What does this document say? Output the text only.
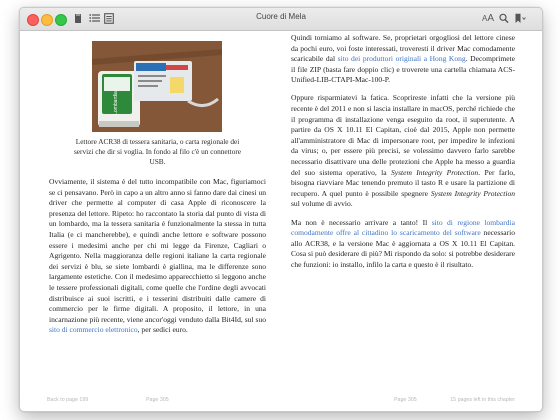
Cuore di Mela	AA
Lombardia
Lettore ACR38 di tessera sanitaria, o carta regionale dei servizi che dir si voglia. In fondo al filo c'è un connettore USB.

Ovviamente, il sistema è del tutto incompatibile con Mac, figuriamoci se ci pensavano. Però in capo a un altro anno si fanno dare dai cinesi un driver che permette al computer di casa Apple di riconoscere la presenza del lettore. Ripeto: ho raccontato la storia dal punto di vista di un lombardo, ma la tessera sanitaria è funzionalmente la stessa in tutta Italia (e ci mancherebbe), e quindi anche lettore e software possono essere i medesimi anche per chi mi legge da Firenze, Cagliari o Agrigento. Nella maggioranza delle regioni italiane la carta regionale dei servizi è blu, se siete lombardi è giallina, ma le differenze sono largamente estetiche. Con il medesimo apparecchietto si leggono anche le tessere professionali digitali, come quelle che l'ordine degli avvocati distribuisce ai suoi iscritti, e i tesserini distribuiti dalle camere di commercio per le firme digitali. A proposito, il lettore, in una incarnazione più recente, viene ancor'oggi venduto dalla Bit4Id, sul suo sito di commercio elettronico, per sedici euro.

Quindi torniamo al software. Se, proprietari orgogliosi del lettore cinese da pochi euro, voi foste interessati, troveresti il driver Mac comodamente scaricabile dal sito dei produttori originali a Hong Kong. Decomprimete il file ZIP (basta fare doppio clic) e troverete una cartella chiamata ACS-Unified-LIB-CTAPI-Mac-100-P.

Oppure risparmiatevi la fatica. Scoprireste infatti che la versione più recente è del 2011 e non si lascia installare in macOS, perché richiede che il programma di installazione venga eseguito da root, il superutente. A partire da OS X 10.11 El Capitan, cioè dal 2015, Apple non permette all'amministratore di Mac di impersonare root, per impedire le infezioni da virus; o, per essere più precisi, se volessimo davvero farlo sarebbe necessario disattivare una delle protezioni che Apple ha messo a guardia del suo sistema operativo, la System Integrity Protection. Per farlo, bisogna riavviare Mac tenendo premuto il tasto R e usare la partizione di recupero. A quel punto è possibile spegnere System Integrity Protection sul volume di avvio.

Ma non è necessario arrivare a tanto! Il sito di regione lombardia comodamente offre al cittadino lo scaricamento del software necessario allo ACR38, e la versione Mac è aggiornata a OS X 10.11 El Capitan. Cosa si può desiderare di più? Mi rispondo da solo: si potrebbe desiderare che funzioni: io installo, infilo la carta e questo è il risultato.

Back to page 199	Page 305	Page 305	15 pages left in this chapter
